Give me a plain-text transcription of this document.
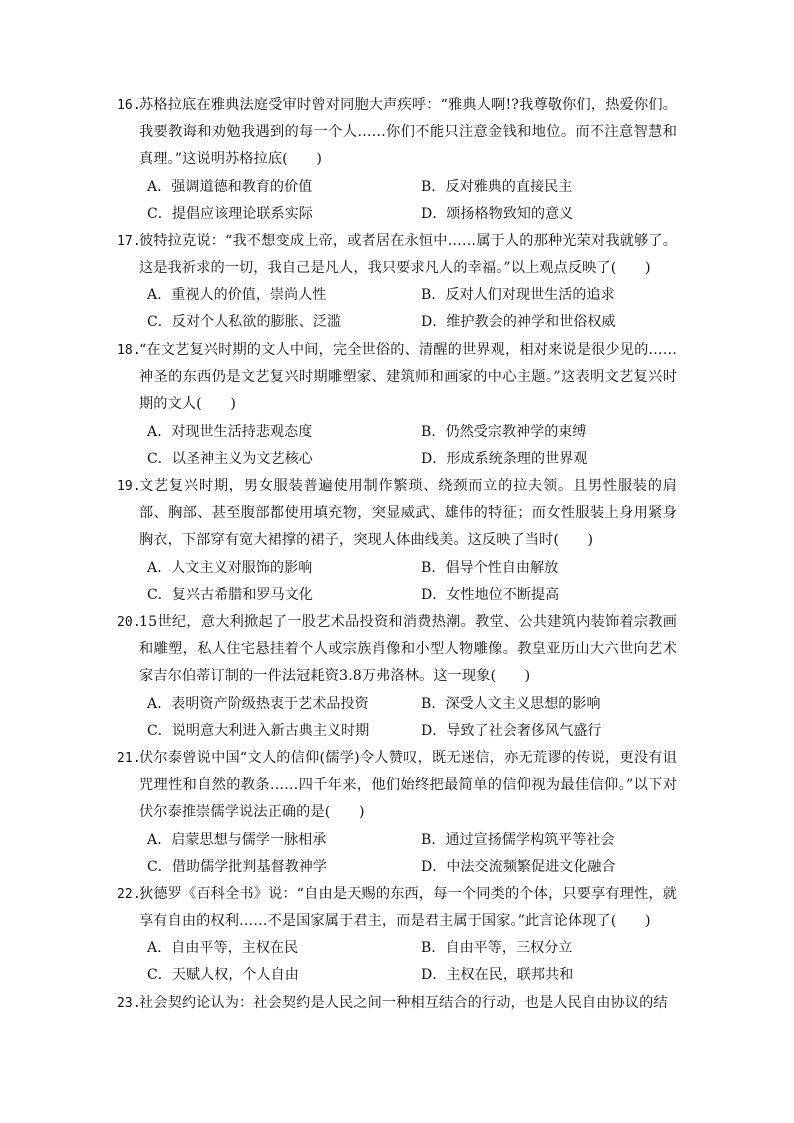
16.
苏格拉底在雅典法庭受审时曾对同胞大声疾呼：“雅典人啊!?我尊敬你们，热爱你们。我要教诲和劝勉我遇到的每一个人……你们不能只注意金钱和地位。而不注意智慧和真理。”这说明苏格拉底(　　)
A．强调道德和教育的价值	B．反对雅典的直接民主
C．提倡应该理论联系实际	D．颂扬格物致知的意义
17.
彼特拉克说：“我不想变成上帝，或者居在永恒中……属于人的那种光荣对我就够了。这是我祈求的一切，我自己是凡人，我只要求凡人的幸福。”以上观点反映了(　　)
A．重视人的价值，崇尚人性	B．反对人们对现世生活的追求
C．反对个人私欲的膨胀、泛滥	D．维护教会的神学和世俗权威
18.
“在文艺复兴时期的文人中间，完全世俗的、清醒的世界观，相对来说是很少见的……神圣的东西仍是文艺复兴时期雕塑家、建筑师和画家的中心主题。”这表明文艺复兴时期的文人(　　)
A．对现世生活持悲观态度	B．仍然受宗教神学的束缚
C．以圣神主义为文艺核心	D．形成系统条理的世界观
19.
文艺复兴时期，男女服装普遍使用制作繁琐、绕颈而立的拉夫领。且男性服装的肩部、胸部、甚至腹部都使用填充物，突显威武、雄伟的特征；而女性服装上身用紧身胸衣，下部穿有宽大裙撑的裙子，突现人体曲线美。这反映了当时(　　)
A．人文主义对服饰的影响	B．倡导个性自由解放
C．复兴古希腊和罗马文化	D．女性地位不断提高
20.
15世纪，意大利掀起了一股艺术品投资和消费热潮。教堂、公共建筑内装饰着宗教画和雕塑，私人住宅悬挂着个人或宗族肖像和小型人物雕像。教皇亚历山大六世向艺术家吉尔伯蒂订制的一件法冠耗资3.8万弗洛林。这一现象(　　)
A．表明资产阶级热衷于艺术品投资	B．深受人文主义思想的影响
C．说明意大利进入新古典主义时期	D．导致了社会奢侈风气盛行
21.
伏尔泰曾说中国“文人的信仰(儒学)令人赞叹，既无迷信，亦无荒谬的传说，更没有诅咒理性和自然的教条……四千年来，他们始终把最简单的信仰视为最佳信仰。”以下对伏尔泰推崇儒学说法正确的是(　　)
A．启蒙思想与儒学一脉相承	B．通过宣扬儒学构筑平等社会
C．借助儒学批判基督教神学	D．中法交流频繁促进文化融合
22.
狄德罗《百科全书》说：“自由是天赐的东西，每一个同类的个体，只要享有理性，就享有自由的权利……不是国家属于君主，而是君主属于国家。”此言论体现了(　　)
A．自由平等，主权在民	B．自由平等，三权分立
C．天赋人权，个人自由	D．主权在民，联邦共和
23.
社会契约论认为：社会契约是人民之间一种相互结合的行动，也是人民自由协议的结
